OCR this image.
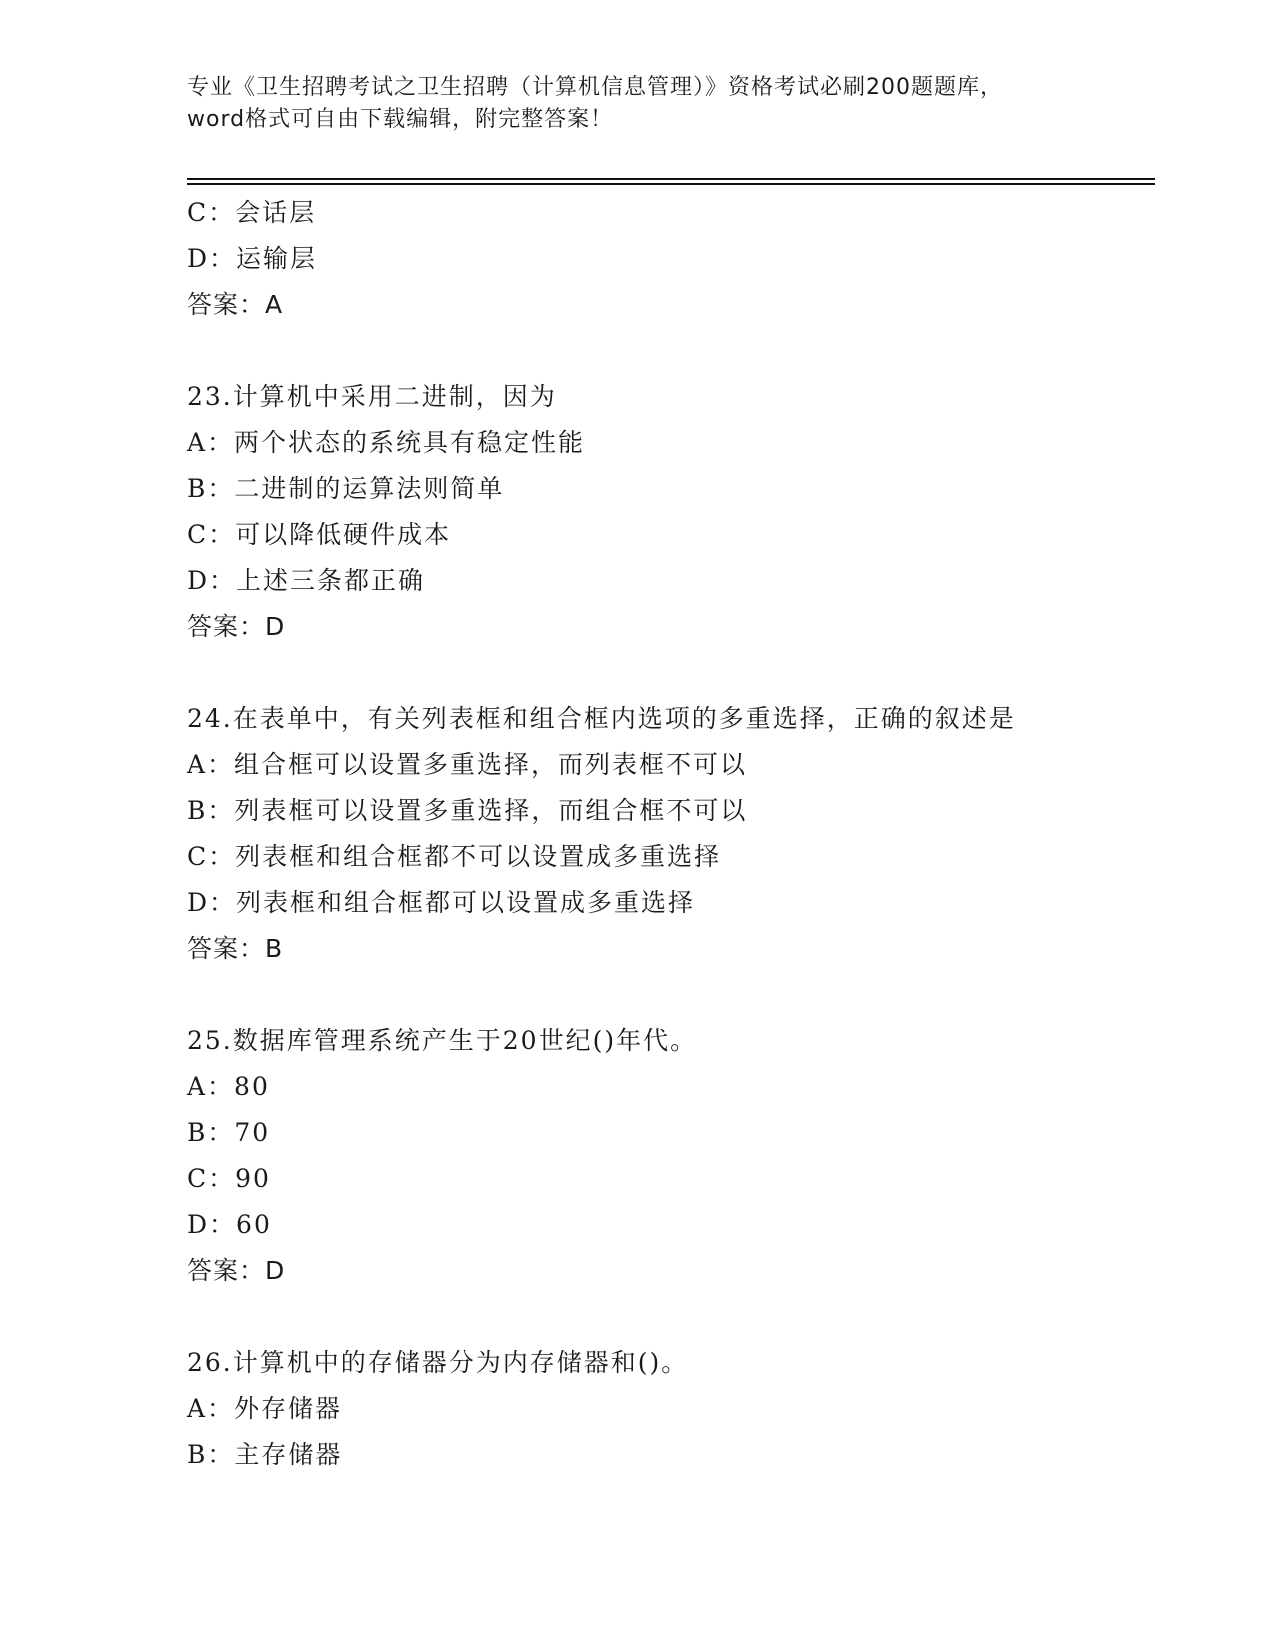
专业《卫生招聘考试之卫生招聘（计算机信息管理）》资格考试必刷200题题库，
word格式可自由下载编辑，附完整答案！
C：会话层
D：运输层
答案：A
23.计算机中采用二进制，因为
A：两个状态的系统具有稳定性能
B：二进制的运算法则简单
C：可以降低硬件成本
D：上述三条都正确
答案：D
24.在表单中，有关列表框和组合框内选项的多重选择，正确的叙述是
A：组合框可以设置多重选择，而列表框不可以
B：列表框可以设置多重选择，而组合框不可以
C：列表框和组合框都不可以设置成多重选择
D：列表框和组合框都可以设置成多重选择
答案：B
25.数据库管理系统产生于20世纪()年代。
A：80
B：70
C：90
D：60
答案：D
26.计算机中的存储器分为内存储器和()。
A：外存储器
B：主存储器
